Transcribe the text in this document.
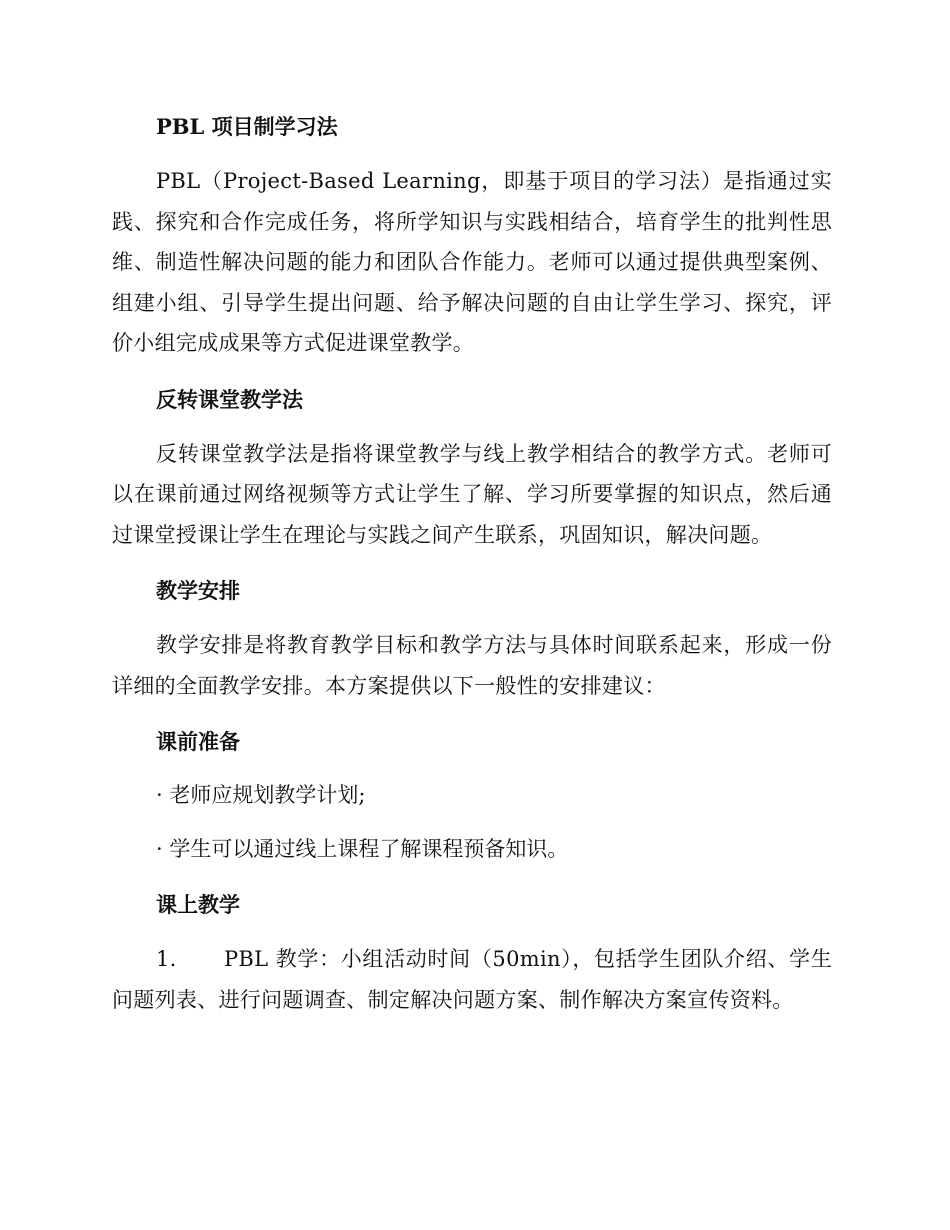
PBL 项目制学习法

PBL（Project-Based Learning，即基于项目的学习法）是指通过实践、探究和合作完成任务，将所学知识与实践相结合，培育学生的批判性思维、制造性解决问题的能力和团队合作能力。老师可以通过提供典型案例、组建小组、引导学生提出问题、给予解决问题的自由让学生学习、探究，评价小组完成成果等方式促进课堂教学。

反转课堂教学法

反转课堂教学法是指将课堂教学与线上教学相结合的教学方式。老师可以在课前通过网络视频等方式让学生了解、学习所要掌握的知识点，然后通过课堂授课让学生在理论与实践之间产生联系，巩固知识，解决问题。

教学安排

教学安排是将教育教学目标和教学方法与具体时间联系起来，形成一份详细的全面教学安排。本方案提供以下一般性的安排建议：

课前准备

· 老师应规划教学计划;

· 学生可以通过线上课程了解课程预备知识。

课上教学

1. PBL 教学：小组活动时间（50min），包括学生团队介绍、学生问题列表、进行问题调查、制定解决问题方案、制作解决方案宣传资料。
